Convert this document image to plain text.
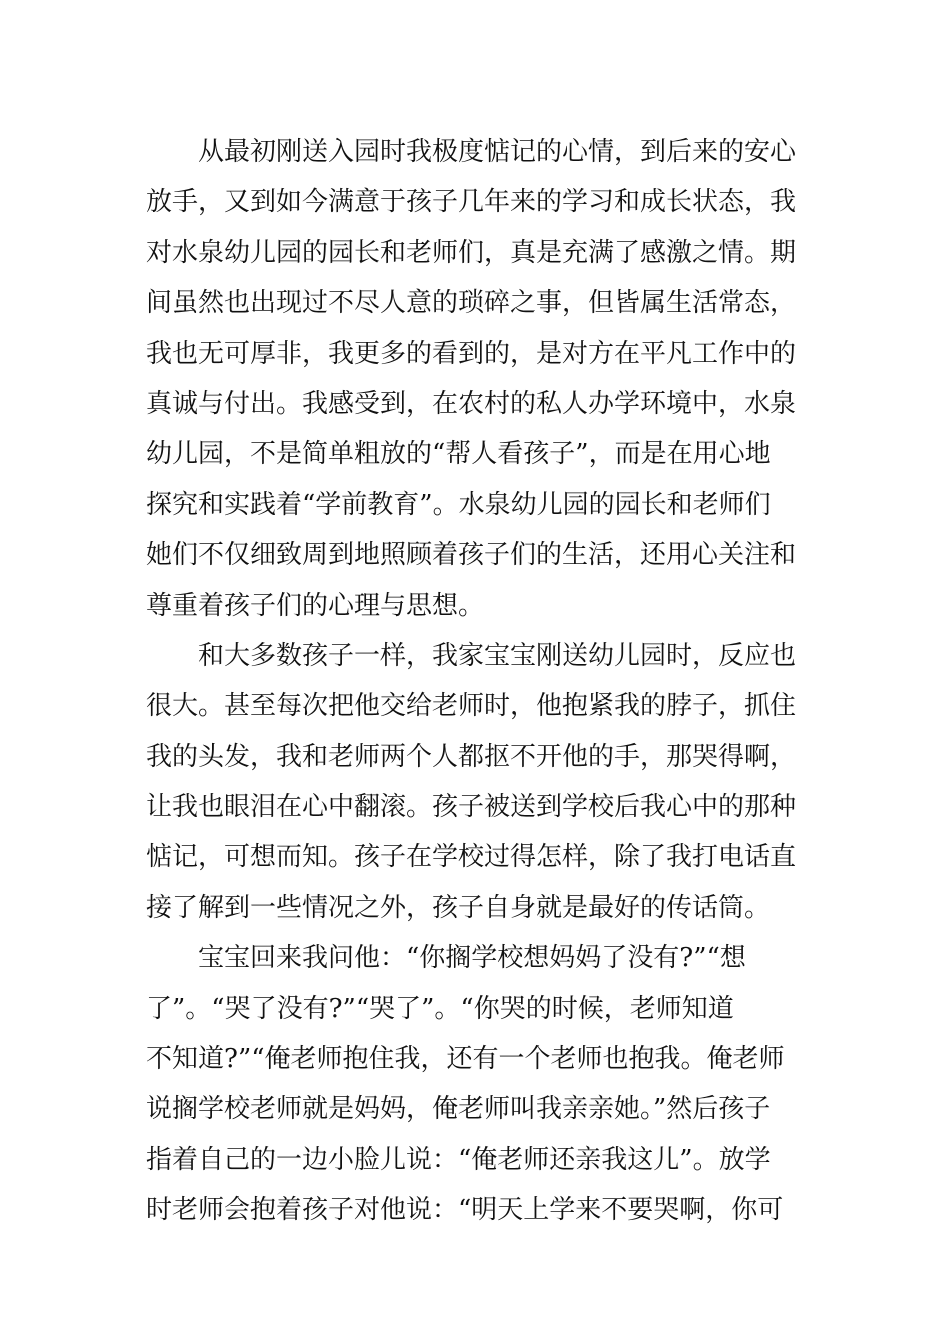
从最初刚送入园时我极度惦记的心情，到后来的安心
放手，又到如今满意于孩子几年来的学习和成长状态，我
对水泉幼儿园的园长和老师们，真是充满了感激之情。期
间虽然也出现过不尽人意的琐碎之事，但皆属生活常态，
我也无可厚非，我更多的看到的，是对方在平凡工作中的
真诚与付出。我感受到，在农村的私人办学环境中，水泉
幼儿园，不是简单粗放的“帮人看孩子”，而是在用心地
探究和实践着“学前教育”。水泉幼儿园的园长和老师们
她们不仅细致周到地照顾着孩子们的生活，还用心关注和
尊重着孩子们的心理与思想。
和大多数孩子一样，我家宝宝刚送幼儿园时，反应也
很大。甚至每次把他交给老师时，他抱紧我的脖子，抓住
我的头发，我和老师两个人都抠不开他的手，那哭得啊，
让我也眼泪在心中翻滚。孩子被送到学校后我心中的那种
惦记，可想而知。孩子在学校过得怎样，除了我打电话直
接了解到一些情况之外，孩子自身就是最好的传话筒。
宝宝回来我问他：“你搁学校想妈妈了没有?”“想
了”。“哭了没有?”“哭了”。“你哭的时候，老师知道
不知道?”“俺老师抱住我，还有一个老师也抱我。俺老师
说搁学校老师就是妈妈，俺老师叫我亲亲她。”然后孩子
指着自己的一边小脸儿说：“俺老师还亲我这儿”。放学
时老师会抱着孩子对他说：“明天上学来不要哭啊，你可
